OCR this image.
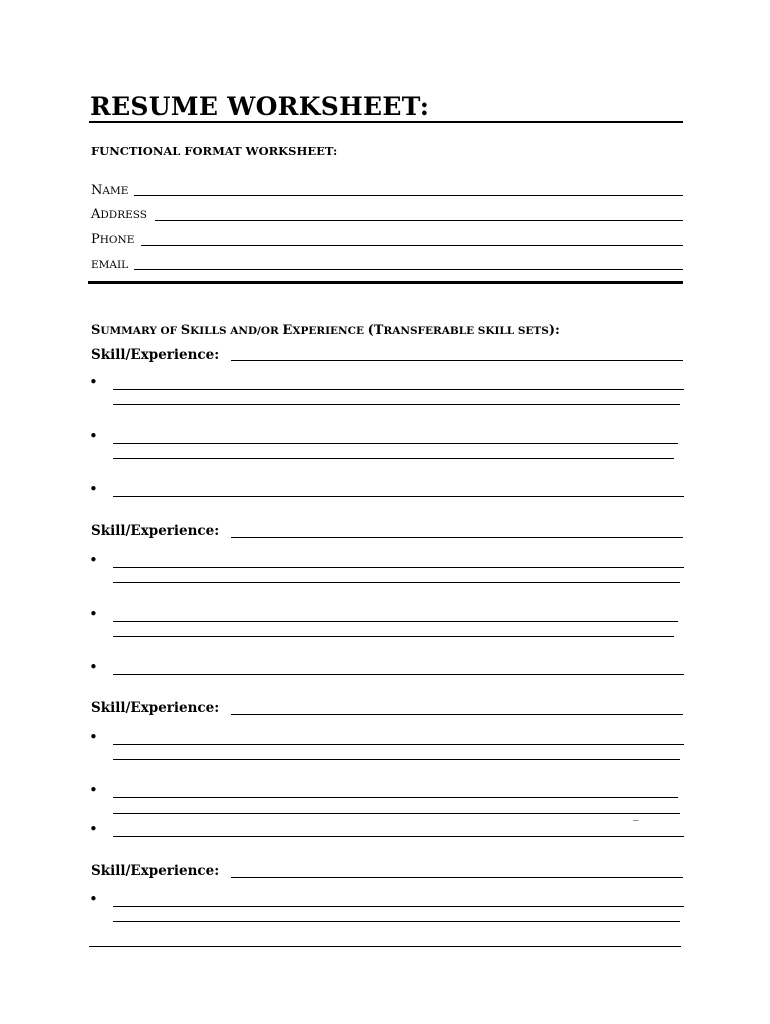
RESUME WORKSHEET:
FUNCTIONAL FORMAT WORKSHEET:
NAME
ADDRESS
PHONE
EMAIL
SUMMARY OF SKILLS AND/OR EXPERIENCE (TRANSFERABLE SKILL SETS):
Skill/Experience:
•
•
•
Skill/Experience:
•
•
•
Skill/Experience:
•
•
_
•
Skill/Experience:
•
